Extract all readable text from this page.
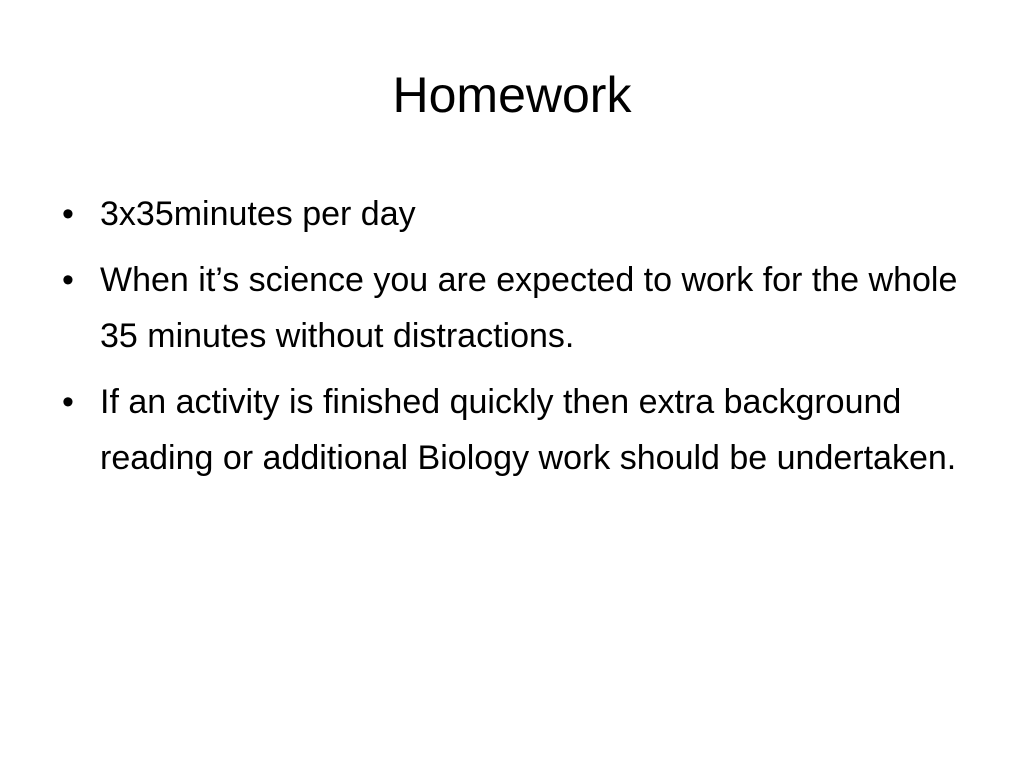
Homework
• 3x35minutes per day
• When it’s science you are expected to work for the whole 35 minutes without distractions.
• If an activity is finished quickly then extra background reading or additional Biology work should be undertaken.
